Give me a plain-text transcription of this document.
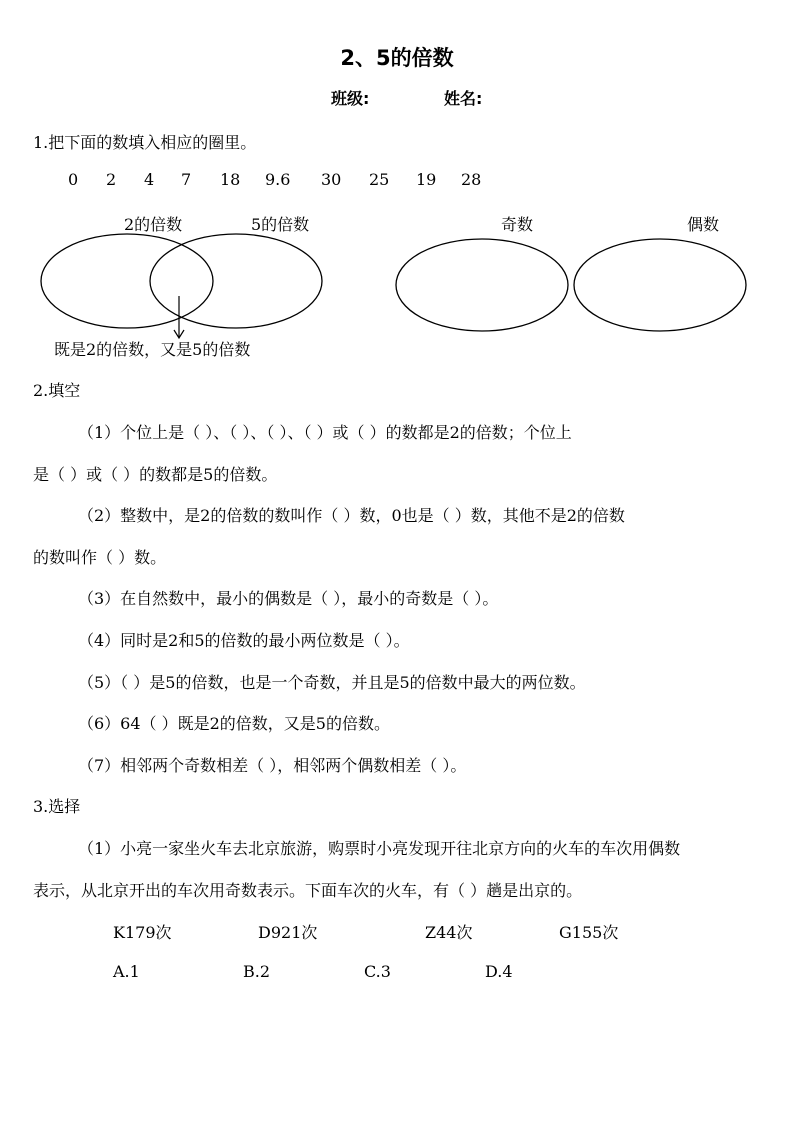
2、5的倍数
班级:	姓名:
1.把下面的数填入相应的圈里。
0 2 4 7 18 9.6 30 25 19 28
2的倍数	5的倍数	奇数	偶数
既是2的倍数，又是5的倍数
2.填空
（1）个位上是（ ）、（ ）、（ ）、（ ）或（ ）的数都是2的倍数；个位上
是（ ）或（ ）的数都是5的倍数。
（2）整数中，是2的倍数的数叫作（ ）数，0也是（ ）数，其他不是2的倍数
的数叫作（ ）数。
（3）在自然数中，最小的偶数是（ ），最小的奇数是（ ）。
（4）同时是2和5的倍数的最小两位数是（ ）。
（5）（ ）是5的倍数，也是一个奇数，并且是5的倍数中最大的两位数。
（6）64（ ）既是2的倍数，又是5的倍数。
（7）相邻两个奇数相差（ ），相邻两个偶数相差（ ）。
3.选择
（1）小亮一家坐火车去北京旅游，购票时小亮发现开往北京方向的火车的车次用偶数
表示，从北京开出的车次用奇数表示。下面车次的火车，有（ ）趟是出京的。
K179次	D921次	Z44次	G155次
A.1	B.2	C.3	D.4
